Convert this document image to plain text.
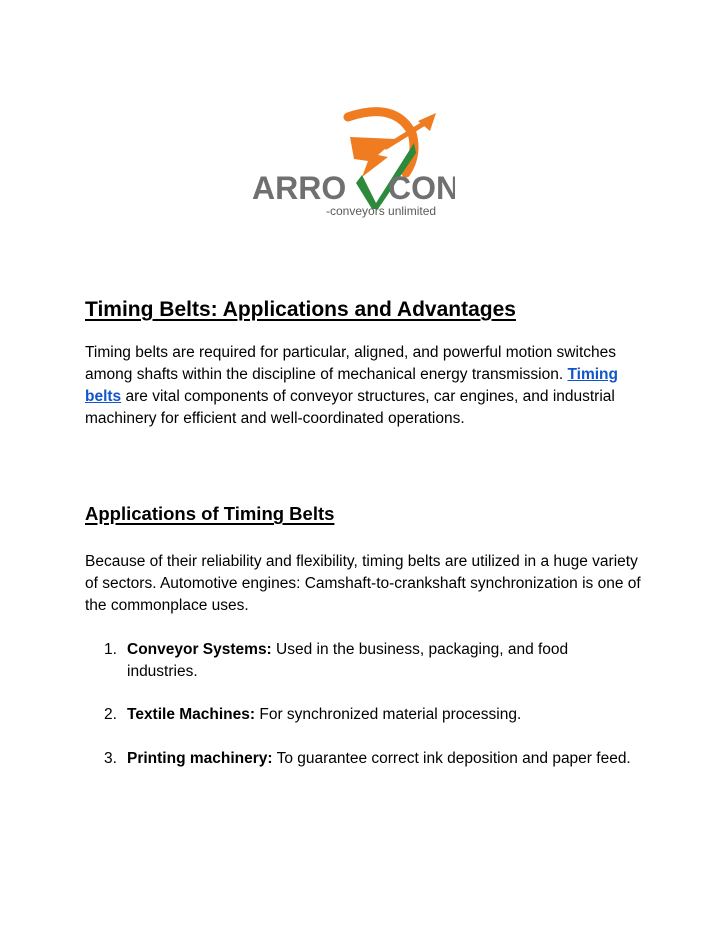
ARRO CON
-conveyors unlimited
Timing Belts: Applications and Advantages

Timing belts are required for particular, aligned, and powerful motion switches among shafts within the discipline of mechanical energy transmission. Timing belts are vital components of conveyor structures, car engines, and industrial machinery for efficient and well-coordinated operations.

Applications of Timing Belts

Because of their reliability and flexibility, timing belts are utilized in a huge variety of sectors. Automotive engines: Camshaft-to-crankshaft synchronization is one of the commonplace uses.

1. Conveyor Systems: Used in the business, packaging, and food industries.
2. Textile Machines: For synchronized material processing.
3. Printing machinery: To guarantee correct ink deposition and paper feed.
